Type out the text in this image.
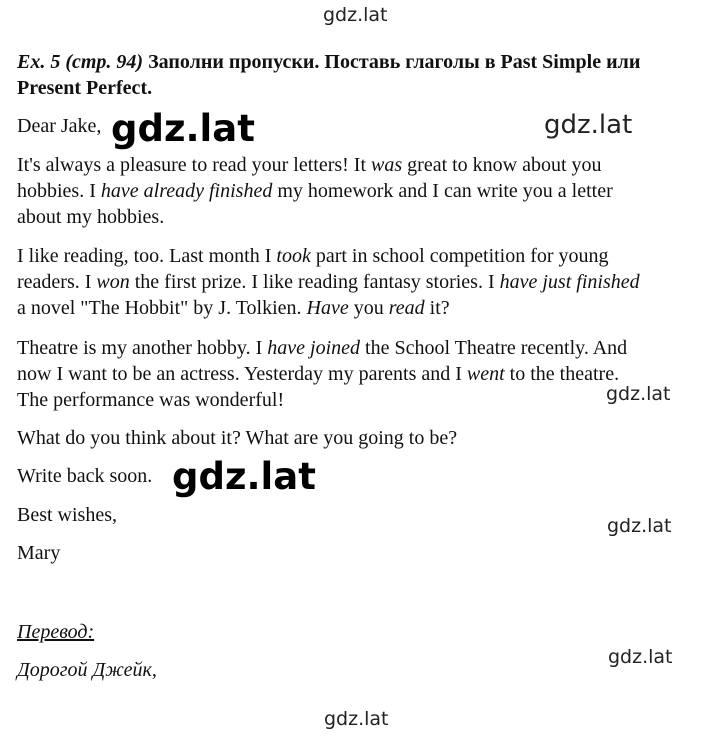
gdz.lat
gdz.lat	gdz.lat
gdz.lat
gdz.lat
gdz.lat
gdz.lat
gdz.lat
Ex. 5 (стр. 94) Заполни пропуски. Поставь глаголы в Past Simple или
Present Perfect.
Dear Jake,
It's always a pleasure to read your letters! It was great to know about you
hobbies. I have already finished my homework and I can write you a letter
about my hobbies.
I like reading, too. Last month I took part in school competition for young
readers. I won the first prize. I like reading fantasy stories. I have just finished
a novel "The Hobbit" by J. Tolkien. Have you read it?
Theatre is my another hobby. I have joined the School Theatre recently. And
now I want to be an actress. Yesterday my parents and I went to the theatre.
The performance was wonderful!
What do you think about it? What are you going to be?
Write back soon.
Best wishes,
Mary
Перевод:
Дорогой Джейк,
